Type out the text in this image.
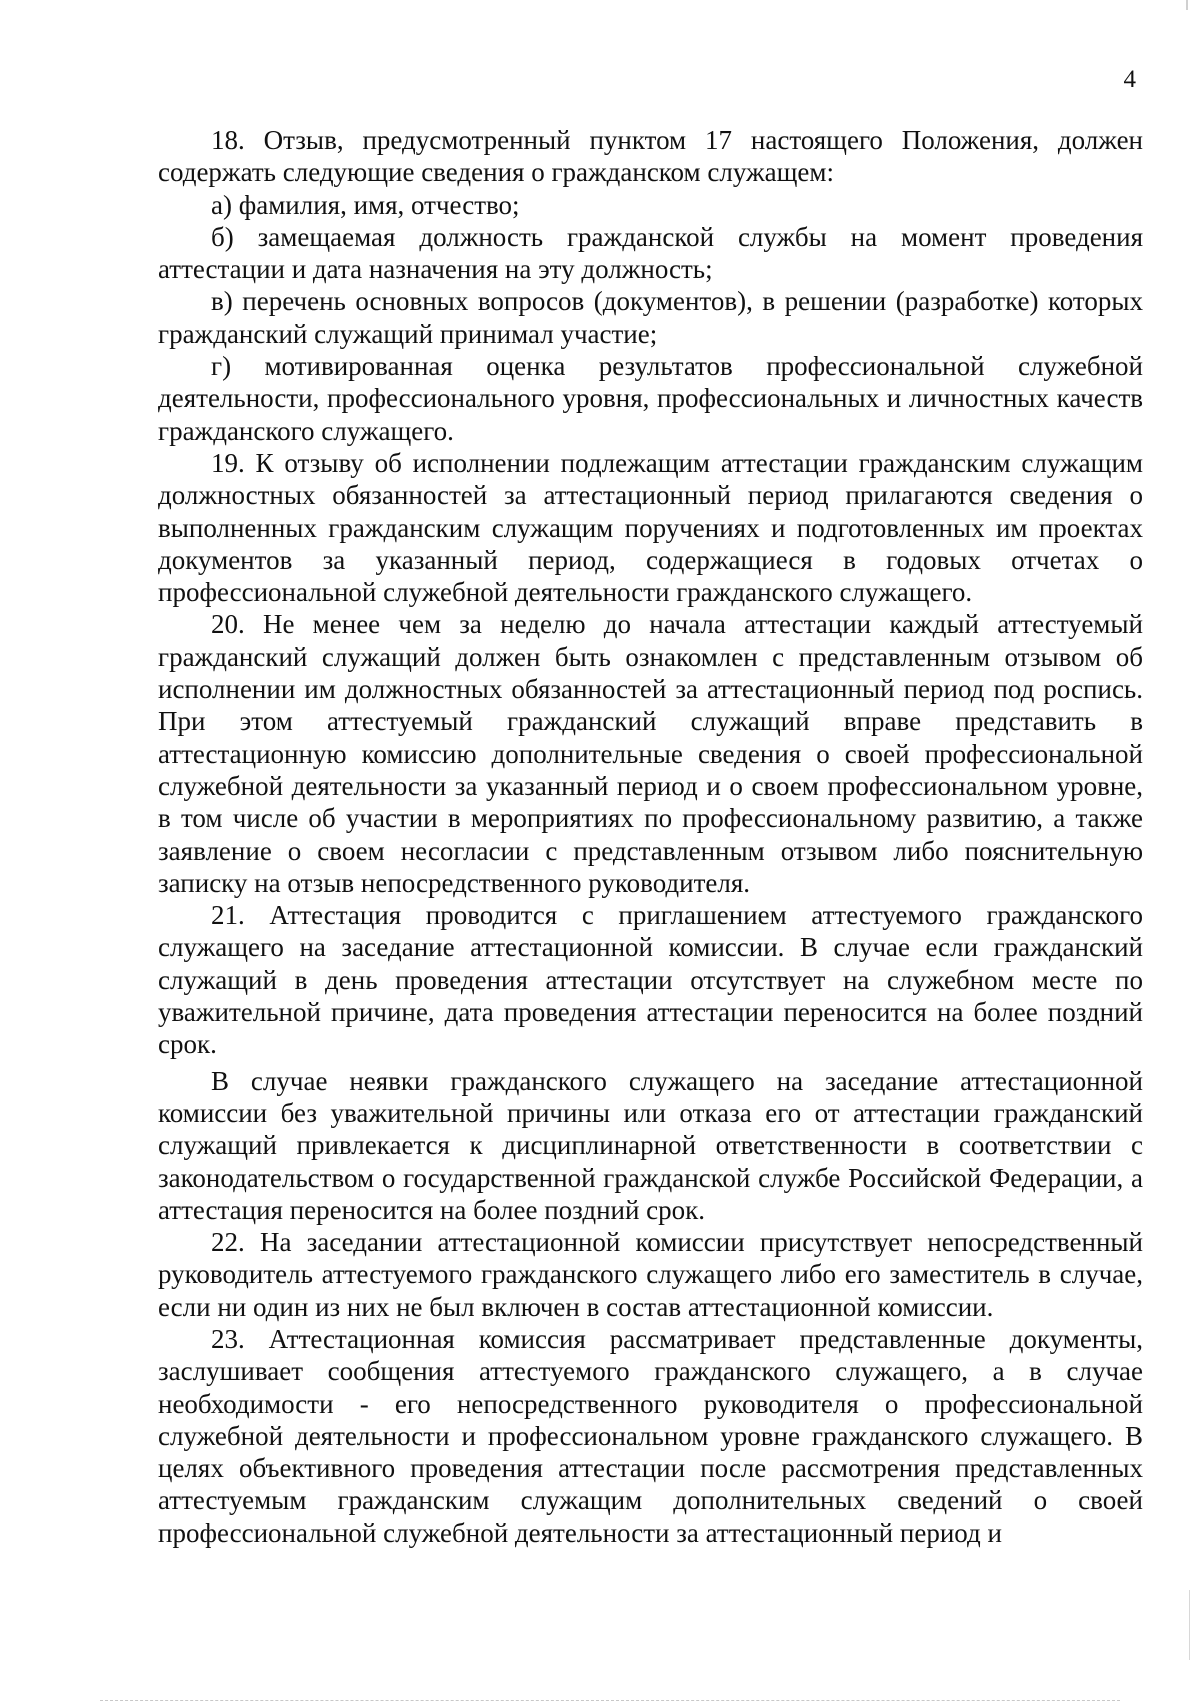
4

18. Отзыв, предусмотренный пунктом 17 настоящего Положения, должен содержать следующие сведения о гражданском служащем:

а) фамилия, имя, отчество;

б) замещаемая должность гражданской службы на момент проведения аттестации и дата назначения на эту должность;

в) перечень основных вопросов (документов), в решении (разработке) которых гражданский служащий принимал участие;

г) мотивированная оценка результатов профессиональной служебной деятельности, профессионального уровня, профессиональных и личностных качеств гражданского служащего.

19. К отзыву об исполнении подлежащим аттестации гражданским служащим должностных обязанностей за аттестационный период прилагаются сведения о выполненных гражданским служащим поручениях и подготовленных им проектах документов за указанный период, содержащиеся в годовых отчетах о профессиональной служебной деятельности гражданского служащего.

20. Не менее чем за неделю до начала аттестации каждый аттестуемый гражданский служащий должен быть ознакомлен с представленным отзывом об исполнении им должностных обязанностей за аттестационный период под роспись. При этом аттестуемый гражданский служащий вправе представить в аттестационную комиссию дополнительные сведения о своей профессиональной служебной деятельности за указанный период и о своем профессиональном уровне, в том числе об участии в мероприятиях по профессиональному развитию, а также заявление о своем несогласии с представленным отзывом либо пояснительную записку на отзыв непосредственного руководителя.

21. Аттестация проводится с приглашением аттестуемого гражданского служащего на заседание аттестационной комиссии. В случае если гражданский служащий в день проведения аттестации отсутствует на служебном месте по уважительной причине, дата проведения аттестации переносится на более поздний срок.

В случае неявки гражданского служащего на заседание аттестационной комиссии без уважительной причины или отказа его от аттестации гражданский служащий привлекается к дисциплинарной ответственности в соответствии с законодательством о государственной гражданской службе Российской Федерации, а аттестация переносится на более поздний срок.

22. На заседании аттестационной комиссии присутствует непосредственный руководитель аттестуемого гражданского служащего либо его заместитель в случае, если ни один из них не был включен в состав аттестационной комиссии.

23. Аттестационная комиссия рассматривает представленные документы, заслушивает сообщения аттестуемого гражданского служащего, а в случае необходимости - его непосредственного руководителя о профессиональной служебной деятельности и профессиональном уровне гражданского служащего. В целях объективного проведения аттестации после рассмотрения представленных аттестуемым гражданским служащим дополнительных сведений о своей профессиональной служебной деятельности за аттестационный период и
